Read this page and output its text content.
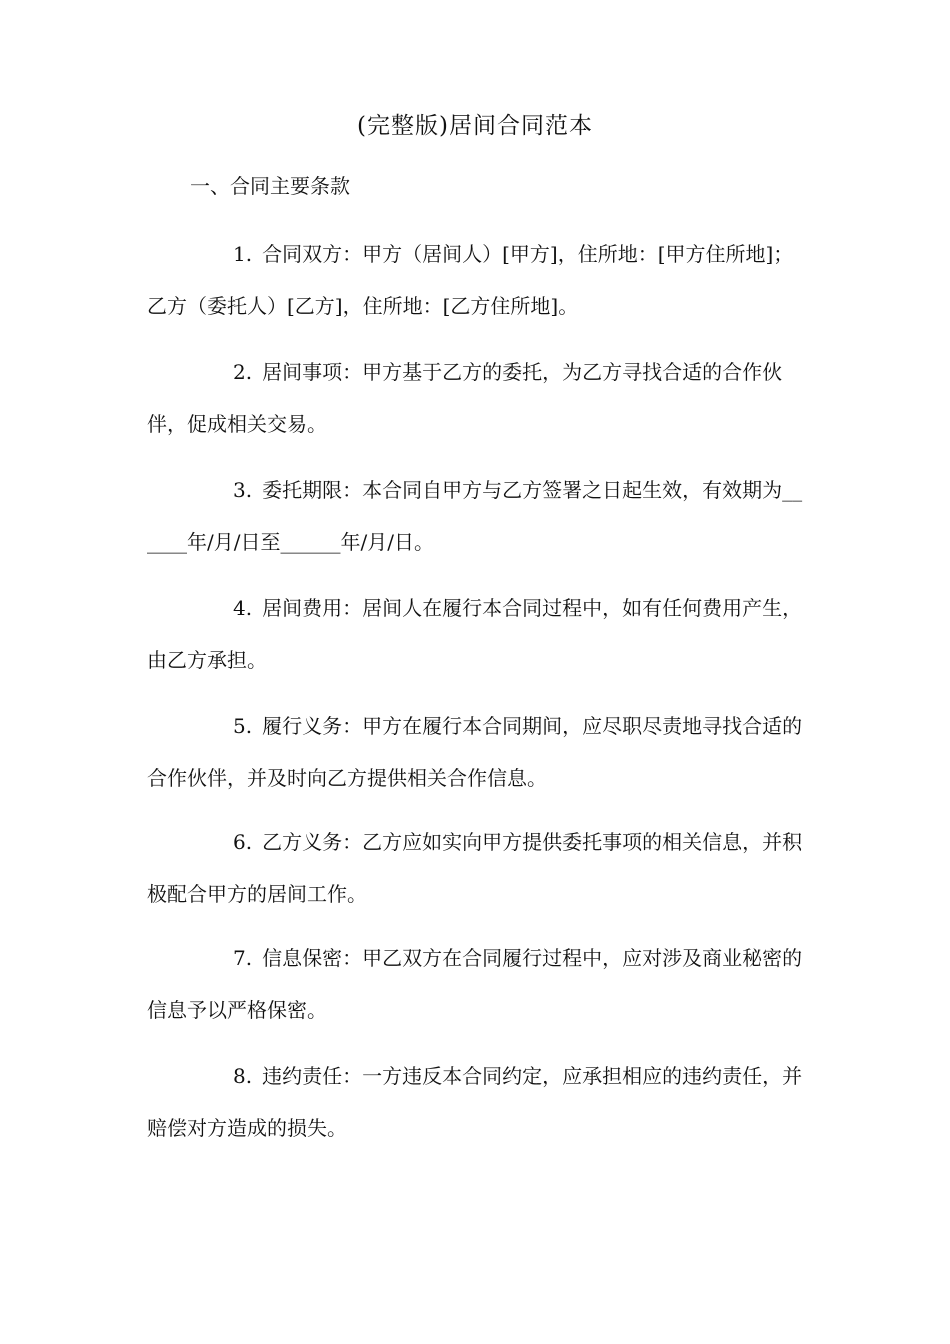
(完整版)居间合同范本
一、合同主要条款
1. 合同双方：甲方（居间人）[甲方]，住所地：[甲方住所地]；乙方（委托人）[乙方]，住所地：[乙方住所地]。
2. 居间事项：甲方基于乙方的委托，为乙方寻找合适的合作伙伴，促成相关交易。
3. 委托期限：本合同自甲方与乙方签署之日起生效，有效期为______年/月/日至______年/月/日。
4. 居间费用：居间人在履行本合同过程中，如有任何费用产生，由乙方承担。
5. 履行义务：甲方在履行本合同期间，应尽职尽责地寻找合适的合作伙伴，并及时向乙方提供相关合作信息。
6. 乙方义务：乙方应如实向甲方提供委托事项的相关信息，并积极配合甲方的居间工作。
7. 信息保密：甲乙双方在合同履行过程中，应对涉及商业秘密的信息予以严格保密。
8. 违约责任：一方违反本合同约定，应承担相应的违约责任，并赔偿对方造成的损失。
